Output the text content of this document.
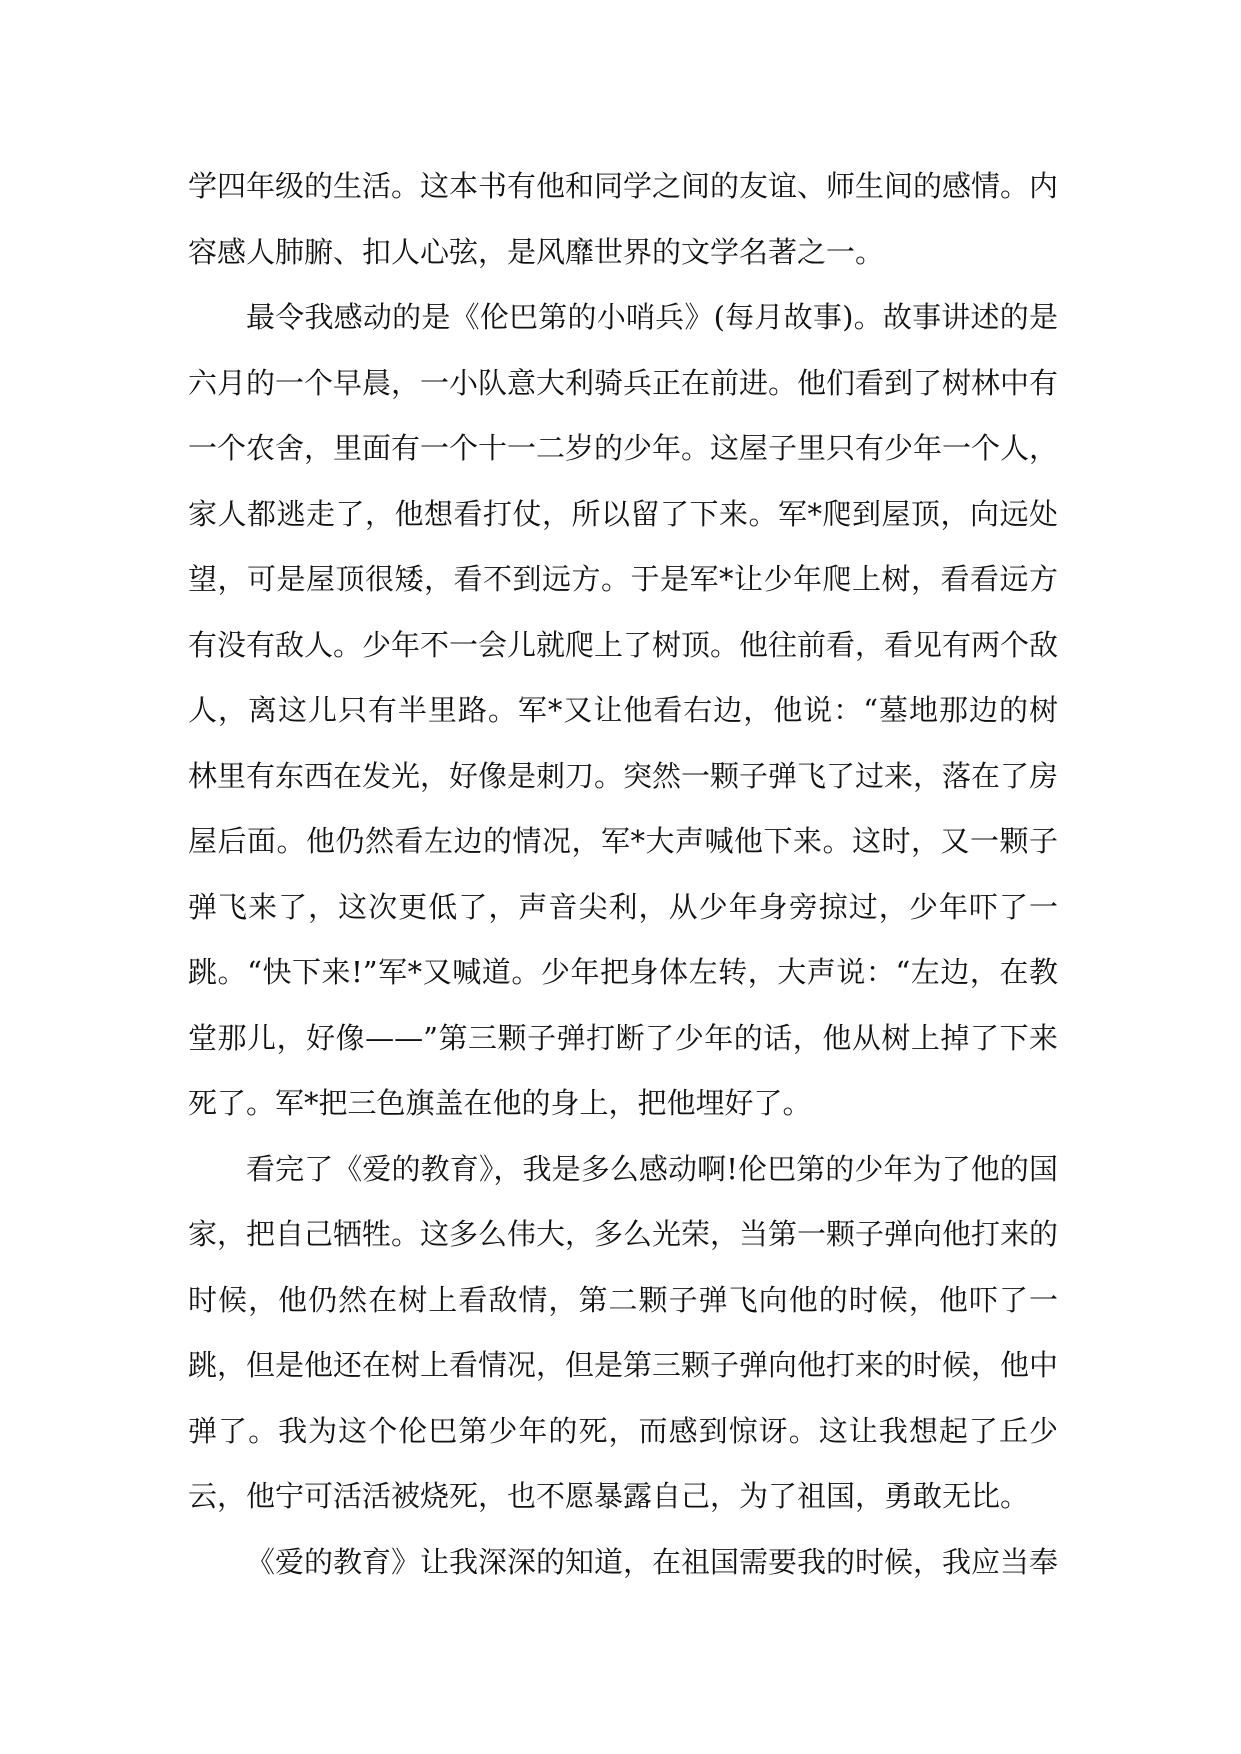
学四年级的生活。这本书有他和同学之间的友谊、师生间的感情。内容感人肺腑、扣人心弦，是风靡世界的文学名著之一。

最令我感动的是《伦巴第的小哨兵》(每月故事)。故事讲述的是六月的一个早晨，一小队意大利骑兵正在前进。他们看到了树林中有一个农舍，里面有一个十一二岁的少年。这屋子里只有少年一个人，家人都逃走了，他想看打仗，所以留了下来。军*爬到屋顶，向远处望，可是屋顶很矮，看不到远方。于是军*让少年爬上树，看看远方有没有敌人。少年不一会儿就爬上了树顶。他往前看，看见有两个敌人，离这儿只有半里路。军*又让他看右边，他说：“墓地那边的树林里有东西在发光，好像是刺刀。突然一颗子弹飞了过来，落在了房屋后面。他仍然看左边的情况，军*大声喊他下来。这时，又一颗子弹飞来了，这次更低了，声音尖利，从少年身旁掠过，少年吓了一跳。“快下来!”军*又喊道。少年把身体左转，大声说：“左边，在教堂那儿，好像——”第三颗子弹打断了少年的话，他从树上掉了下来死了。军*把三色旗盖在他的身上，把他埋好了。

看完了《爱的教育》，我是多么感动啊!伦巴第的少年为了他的国家，把自己牺牲。这多么伟大，多么光荣，当第一颗子弹向他打来的时候，他仍然在树上看敌情，第二颗子弹飞向他的时候，他吓了一跳，但是他还在树上看情况，但是第三颗子弹向他打来的时候，他中弹了。我为这个伦巴第少年的死，而感到惊讶。这让我想起了丘少云，他宁可活活被烧死，也不愿暴露自己，为了祖国，勇敢无比。

《爱的教育》让我深深的知道，在祖国需要我的时候，我应当奉
